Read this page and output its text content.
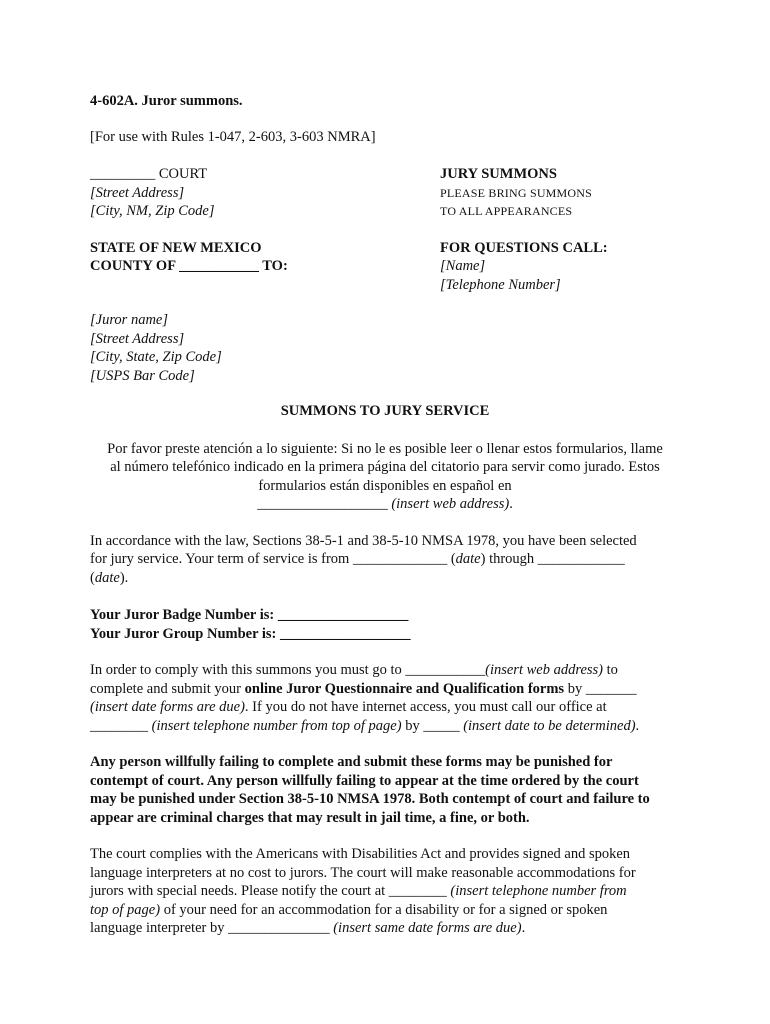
4-602A. Juror summons.
[For use with Rules 1-047, 2-603, 3-603 NMRA]
_________ COURT
[Street Address]
[City, NM, Zip Code]
JURY SUMMONS
PLEASE BRING SUMMONS
TO ALL APPEARANCES
STATE OF NEW MEXICO
COUNTY OF ___________ TO:
FOR QUESTIONS CALL:
[Name]
[Telephone Number]
[Juror name]
[Street Address]
[City, State, Zip Code]
[USPS Bar Code]
SUMMONS TO JURY SERVICE
Por favor preste atención a lo siguiente: Si no le es posible leer o llenar estos formularios, llame
al número telefónico indicado en la primera página del citatorio para servir como jurado. Estos
formularios están disponibles en español en
__________________ (insert web address).
In accordance with the law, Sections 38-5-1 and 38-5-10 NMSA 1978, you have been selected
for jury service. Your term of service is from _____________ (date) through ____________
(date).
Your Juror Badge Number is: __________________
Your Juror Group Number is: __________________
In order to comply with this summons you must go to ___________(insert web address) to
complete and submit your online Juror Questionnaire and Qualification forms by _______
(insert date forms are due). If you do not have internet access, you must call our office at
________ (insert telephone number from top of page) by _____ (insert date to be determined).
Any person willfully failing to complete and submit these forms may be punished for
contempt of court. Any person willfully failing to appear at the time ordered by the court
may be punished under Section 38-5-10 NMSA 1978. Both contempt of court and failure to
appear are criminal charges that may result in jail time, a fine, or both.
The court complies with the Americans with Disabilities Act and provides signed and spoken
language interpreters at no cost to jurors. The court will make reasonable accommodations for
jurors with special needs. Please notify the court at ________ (insert telephone number from
top of page) of your need for an accommodation for a disability or for a signed or spoken
language interpreter by ______________ (insert same date forms are due).
